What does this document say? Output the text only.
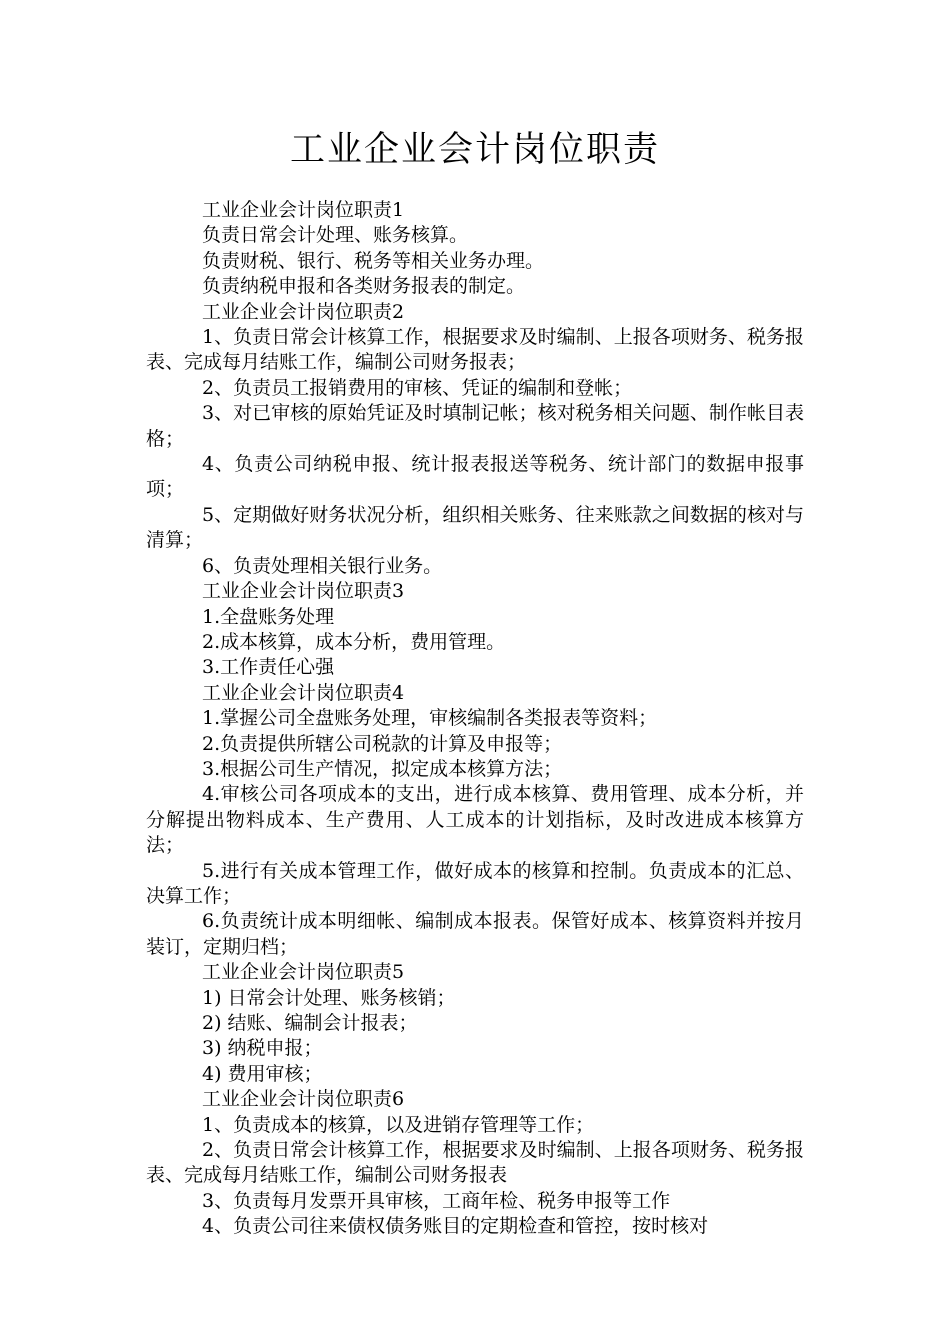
工业企业会计岗位职责

工业企业会计岗位职责1

负责日常会计处理、账务核算。

负责财税、银行、税务等相关业务办理。

负责纳税申报和各类财务报表的制定。

工业企业会计岗位职责2

1、负责日常会计核算工作，根据要求及时编制、上报各项财务、税务报表、完成每月结账工作，编制公司财务报表；

2、负责员工报销费用的审核、凭证的编制和登帐；

3、对已审核的原始凭证及时填制记帐；核对税务相关问题、制作帐目表格；

4、负责公司纳税申报、统计报表报送等税务、统计部门的数据申报事项；

5、定期做好财务状况分析，组织相关账务、往来账款之间数据的核对与清算；

6、负责处理相关银行业务。

工业企业会计岗位职责3

1.全盘账务处理

2.成本核算，成本分析，费用管理。

3.工作责任心强

工业企业会计岗位职责4

1.掌握公司全盘账务处理，审核编制各类报表等资料；

2.负责提供所辖公司税款的计算及申报等；

3.根据公司生产情况，拟定成本核算方法；

4.审核公司各项成本的支出，进行成本核算、费用管理、成本分析，并分解提出物料成本、生产费用、人工成本的计划指标，及时改进成本核算方法；

5.进行有关成本管理工作，做好成本的核算和控制。负责成本的汇总、决算工作；

6.负责统计成本明细帐、编制成本报表。保管好成本、核算资料并按月装订，定期归档；

工业企业会计岗位职责5

1) 日常会计处理、账务核销；

2) 结账、编制会计报表；

3) 纳税申报；

4) 费用审核；

工业企业会计岗位职责6

1、负责成本的核算，以及进销存管理等工作；

2、负责日常会计核算工作，根据要求及时编制、上报各项财务、税务报表、完成每月结账工作，编制公司财务报表

3、负责每月发票开具审核，工商年检、税务申报等工作

4、负责公司往来债权债务账目的定期检查和管控，按时核对
